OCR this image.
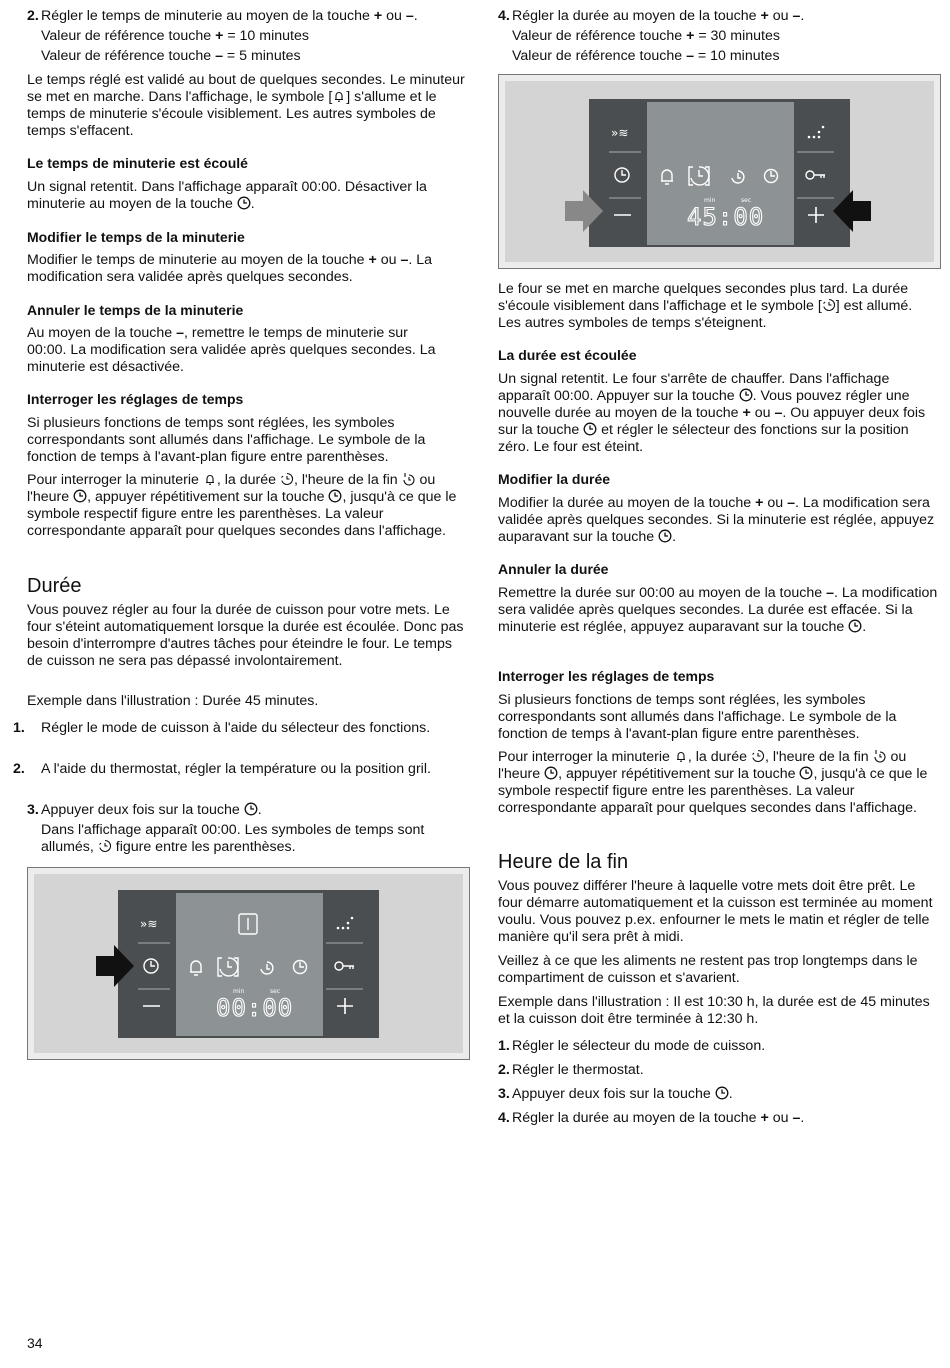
2. Régler le temps de minuterie au moyen de la touche + ou –.

Valeur de référence touche + = 10 minutes

Valeur de référence touche – = 5 minutes

Le temps réglé est validé au bout de quelques secondes. Le minuteur se met en marche. Dans l'affichage, le symbole [ ] s'allume et le temps de minuterie s'écoule visiblement. Les autres symboles de temps s'effacent.

Le temps de minuterie est écoulé

Un signal retentit. Dans l'affichage apparaît 00:00. Désactiver la minuterie au moyen de la touche .

Modifier le temps de la minuterie

Modifier le temps de minuterie au moyen de la touche + ou –. La modification sera validée après quelques secondes.

Annuler le temps de la minuterie

Au moyen de la touche –, remettre le temps de minuterie sur 00:00. La modification sera validée après quelques secondes. La minuterie est désactivée.

Interroger les réglages de temps

Si plusieurs fonctions de temps sont réglées, les symboles correspondants sont allumés dans l'affichage. Le symbole de la fonction de temps à l'avant-plan figure entre parenthèses.

Pour interroger la minuterie , la durée , l'heure de la fin ou l'heure , appuyer répétitivement sur la touche , jusqu'à ce que le symbole respectif figure entre les parenthèses. La valeur correspondante apparaît pour quelques secondes dans l'affichage.

Durée

Vous pouvez régler au four la durée de cuisson pour votre mets. Le four s'éteint automatiquement lorsque la durée est écoulée. Donc pas besoin d'interrompre d'autres tâches pour éteindre le four. Le temps de cuisson ne sera pas dépassé involontairement.

Exemple dans l'illustration : Durée 45 minutes.

1. Régler le mode de cuisson à l'aide du sélecteur des fonctions.

2. A l'aide du thermostat, régler la température ou la position gril.

3. Appuyer deux fois sur la touche .

Dans l'affichage apparaît 00:00. Les symboles de temps sont allumés, figure entre les parenthèses.

»≋
min	sec
00:00

4. Régler la durée au moyen de la touche + ou –.

Valeur de référence touche + = 30 minutes

Valeur de référence touche – = 10 minutes

Le four se met en marche quelques secondes plus tard. La durée s'écoule visiblement dans l'affichage et le symbole [ ] est allumé. Les autres symboles de temps s'éteignent.

La durée est écoulée

Un signal retentit. Le four s'arrête de chauffer. Dans l'affichage apparaît 00:00. Appuyer sur la touche . Vous pouvez régler une nouvelle durée au moyen de la touche + ou –. Ou appuyer deux fois sur la touche et régler le sélecteur des fonctions sur la position zéro. Le four est éteint.

Modifier la durée

Modifier la durée au moyen de la touche + ou –. La modification sera validée après quelques secondes. Si la minuterie est réglée, appuyez auparavant sur la touche .

Annuler la durée

Remettre la durée sur 00:00 au moyen de la touche –. La modification sera validée après quelques secondes. La durée est effacée. Si la minuterie est réglée, appuyez auparavant sur la touche .

Interroger les réglages de temps

Si plusieurs fonctions de temps sont réglées, les symboles correspondants sont allumés dans l'affichage. Le symbole de la fonction de temps à l'avant-plan figure entre parenthèses.

Pour interroger la minuterie , la durée , l'heure de la fin ou l'heure , appuyer répétitivement sur la touche , jusqu'à ce que le symbole respectif figure entre les parenthèses. La valeur correspondante apparaît pour quelques secondes dans l'affichage.

Heure de la fin

Vous pouvez différer l'heure à laquelle votre mets doit être prêt. Le four démarre automatiquement et la cuisson est terminée au moment voulu. Vous pouvez p.ex. enfourner le mets le matin et régler de telle manière qu'il sera prêt à midi.

Veillez à ce que les aliments ne restent pas trop longtemps dans le compartiment de cuisson et s'avarient.

Exemple dans l'illustration : Il est 10:30 h, la durée est de 45 minutes et la cuisson doit être terminée à 12:30 h.

1. Régler le sélecteur du mode de cuisson.

2. Régler le thermostat.

3. Appuyer deux fois sur la touche .

4. Régler la durée au moyen de la touche + ou –.

»≋
min	sec
45:00
34
